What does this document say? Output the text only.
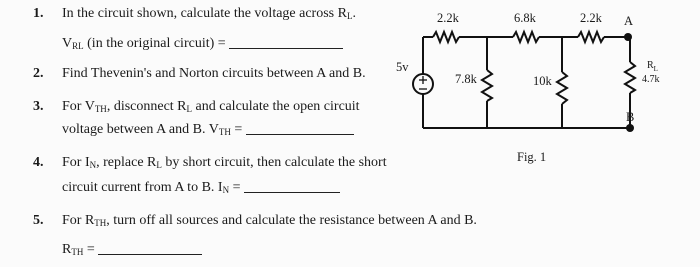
1. In the circuit shown, calculate the voltage across $R_L$.
$V_{RL}$ (in the original circuit) =
2. Find Thevenin's and Norton circuits between A and B.
3. For $V_{TH}$, disconnect $R_L$ and calculate the open circuit
voltage between A and B. $V_{TH}$ =
4. For $I_N$, replace $R_L$ by short circuit, then calculate the short
circuit current from A to B. $I_N$ =
5. For $R_{TH}$, turn off all sources and calculate the resistance between A and B.
$R_{TH}$ =
2.2k	6.8k	2.2k A
5v
7.8k	10k
$R_L$
4.7k
B
Fig. 1
